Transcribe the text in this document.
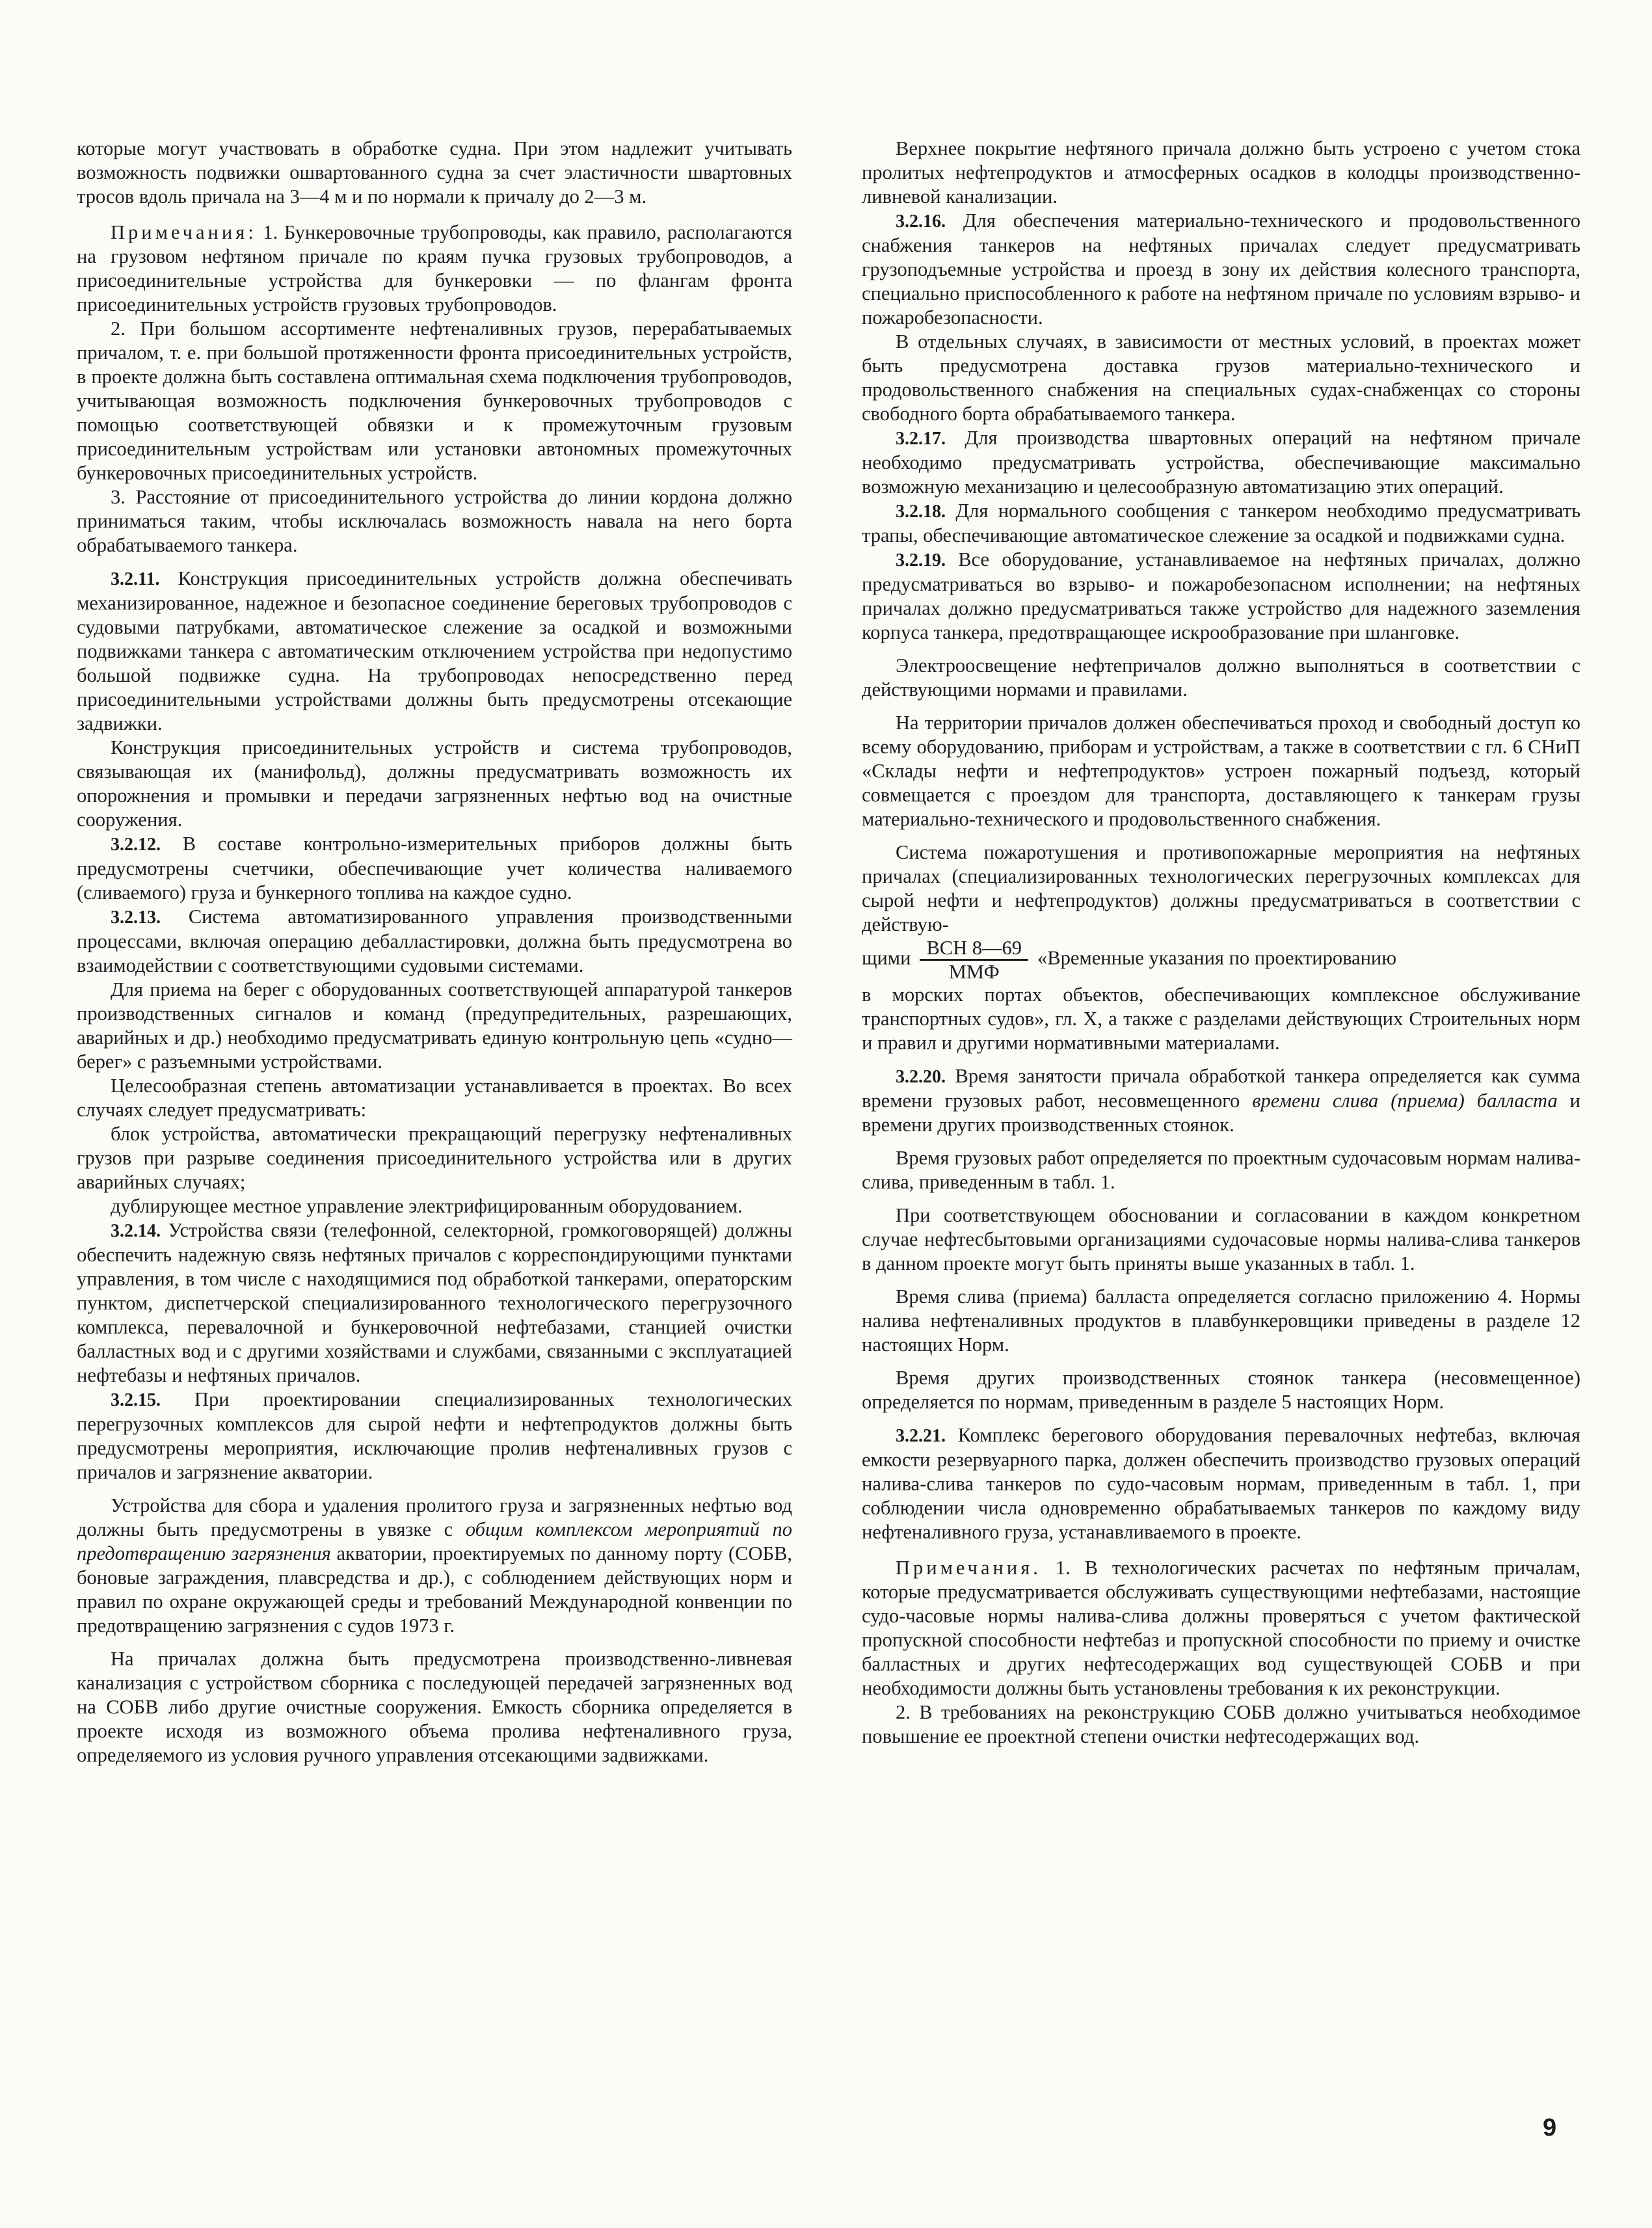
которые могут участвовать в обработке судна. При этом надлежит учитывать возможность подвижки ошвартованного судна за счет эластичности швартовных тросов вдоль причала на 3—4 м и по нормали к причалу до 2—3 м.

Примечания: 1. Бункеровочные трубопроводы, как правило, располагаются на грузовом нефтяном причале по краям пучка грузовых трубопроводов, а присоединительные устройства для бункеровки — по флангам фронта присоединительных устройств грузовых трубопроводов.

2. При большом ассортименте нефтеналивных грузов, перерабатываемых причалом, т. е. при большой протяженности фронта присоединительных устройств, в проекте должна быть составлена оптимальная схема подключения трубопроводов, учитывающая возможность подключения бункеровочных трубопроводов с помощью соответствующей обвязки и к промежуточным грузовым присоединительным устройствам или установки автономных промежуточных бункеровочных присоединительных устройств.

3. Расстояние от присоединительного устройства до линии кордона должно приниматься таким, чтобы исключалась возможность навала на него борта обрабатываемого танкера.

3.2.11. Конструкция присоединительных устройств должна обеспечивать механизированное, надежное и безопасное соединение береговых трубопроводов с судовыми патрубками, автоматическое слежение за осадкой и возможными подвижками танкера с автоматическим отключением устройства при недопустимо большой подвижке судна. На трубопроводах непосредственно перед присоединительными устройствами должны быть предусмотрены отсекающие задвижки.

Конструкция присоединительных устройств и система трубопроводов, связывающая их (манифольд), должны предусматривать возможность их опорожнения и промывки и передачи загрязненных нефтью вод на очистные сооружения.

3.2.12. В составе контрольно-измерительных приборов должны быть предусмотрены счетчики, обеспечивающие учет количества наливаемого (сливаемого) груза и бункерного топлива на каждое судно.

3.2.13. Система автоматизированного управления производственными процессами, включая операцию дебалластировки, должна быть предусмотрена во взаимодействии с соответствующими судовыми системами.

Для приема на берег с оборудованных соответствующей аппаратурой танкеров производственных сигналов и команд (предупредительных, разрешающих, аварийных и др.) необходимо предусматривать единую контрольную цепь «судно—берег» с разъемными устройствами.

Целесообразная степень автоматизации устанавливается в проектах. Во всех случаях следует предусматривать:

блок устройства, автоматически прекращающий перегрузку нефтеналивных грузов при разрыве соединения присоединительного устройства или в других аварийных случаях;

дублирующее местное управление электрифицированным оборудованием.

3.2.14. Устройства связи (телефонной, селекторной, громкоговорящей) должны обеспечить надежную связь нефтяных причалов с корреспондирующими пунктами управления, в том числе с находящимися под обработкой танкерами, операторским пунктом, диспетчерской специализированного технологического перегрузочного комплекса, перевалочной и бункеровочной нефтебазами, станцией очистки балластных вод и с другими хозяйствами и службами, связанными с эксплуатацией нефтебазы и нефтяных причалов.

3.2.15. При проектировании специализированных технологических перегрузочных комплексов для сырой нефти и нефтепродуктов должны быть предусмотрены мероприятия, исключающие пролив нефтеналивных грузов с причалов и загрязнение акватории.

Устройства для сбора и удаления пролитого груза и загрязненных нефтью вод должны быть предусмотрены в увязке с общим комплексом мероприятий по предотвращению загрязнения акватории, проектируемых по данному порту (СОБВ, боновые заграждения, плавсредства и др.), с соблюдением действующих норм и правил по охране окружающей среды и требований Международной конвенции по предотвращению загрязнения с судов 1973 г.

На причалах должна быть предусмотрена производственно-ливневая канализация с устройством сборника с последующей передачей загрязненных вод на СОБВ либо другие очистные сооружения. Емкость сборника определяется в проекте исходя из возможного объема пролива нефтеналивного груза, определяемого из условия ручного управления отсекающими задвижками.

Верхнее покрытие нефтяного причала должно быть устроено с учетом стока пролитых нефтепродуктов и атмосферных осадков в колодцы производственно-ливневой канализации.

3.2.16. Для обеспечения материально-технического и продовольственного снабжения танкеров на нефтяных причалах следует предусматривать грузоподъемные устройства и проезд в зону их действия колесного транспорта, специально приспособленного к работе на нефтяном причале по условиям взрыво- и пожаробезопасности.

В отдельных случаях, в зависимости от местных условий, в проектах может быть предусмотрена доставка грузов материально-технического и продовольственного снабжения на специальных судах-снабженцах со стороны свободного борта обрабатываемого танкера.

3.2.17. Для производства швартовных операций на нефтяном причале необходимо предусматривать устройства, обеспечивающие максимально возможную механизацию и целесообразную автоматизацию этих операций.

3.2.18. Для нормального сообщения с танкером необходимо предусматривать трапы, обеспечивающие автоматическое слежение за осадкой и подвижками судна.

3.2.19. Все оборудование, устанавливаемое на нефтяных причалах, должно предусматриваться во взрыво- и пожаробезопасном исполнении; на нефтяных причалах должно предусматриваться также устройство для надежного заземления корпуса танкера, предотвращающее искрообразование при шланговке.

Электроосвещение нефтепричалов должно выполняться в соответствии с действующими нормами и правилами.

На территории причалов должен обеспечиваться проход и свободный доступ ко всему оборудованию, приборам и устройствам, а также в соответствии с гл. 6 СНиП «Склады нефти и нефтепродуктов» устроен пожарный подъезд, который совмещается с проездом для транспорта, доставляющего к танкерам грузы материально-технического и продовольственного снабжения.

Система пожаротушения и противопожарные мероприятия на нефтяных причалах (специализированных технологических перегрузочных комплексах для сырой нефти и нефтепродуктов) должны предусматриваться в соответствии с действую-

щими $\frac{\text{ВСН 8—69}}{\text{ММФ}}$ «Временные указания по проектированию

в морских портах объектов, обеспечивающих комплексное обслуживание транспортных судов», гл. X, а также с разделами действующих Строительных норм и правил и другими нормативными материалами.

3.2.20. Время занятости причала обработкой танкера определяется как сумма времени грузовых работ, несовмещенного времени слива (приема) балласта и времени других производственных стоянок.

Время грузовых работ определяется по проектным судочасовым нормам налива-слива, приведенным в табл. 1.

При соответствующем обосновании и согласовании в каждом конкретном случае нефтесбытовыми организациями судочасовые нормы налива-слива танкеров в данном проекте могут быть приняты выше указанных в табл. 1.

Время слива (приема) балласта определяется согласно приложению 4. Нормы налива нефтеналивных продуктов в плавбункеровщики приведены в разделе 12 настоящих Норм.

Время других производственных стоянок танкера (несовмещенное) определяется по нормам, приведенным в разделе 5 настоящих Норм.

3.2.21. Комплекс берегового оборудования перевалочных нефтебаз, включая емкости резервуарного парка, должен обеспечить производство грузовых операций налива-слива танкеров по судо-часовым нормам, приведенным в табл. 1, при соблюдении числа одновременно обрабатываемых танкеров по каждому виду нефтеналивного груза, устанавливаемого в проекте.

Примечания. 1. В технологических расчетах по нефтяным причалам, которые предусматривается обслуживать существующими нефтебазами, настоящие судо-часовые нормы налива-слива должны проверяться с учетом фактической пропускной способности нефтебаз и пропускной способности по приему и очистке балластных и других нефтесодержащих вод существующей СОБВ и при необходимости должны быть установлены требования к их реконструкции.

2. В требованиях на реконструкцию СОБВ должно учитываться необходимое повышение ее проектной степени очистки нефтесодержащих вод.

9
